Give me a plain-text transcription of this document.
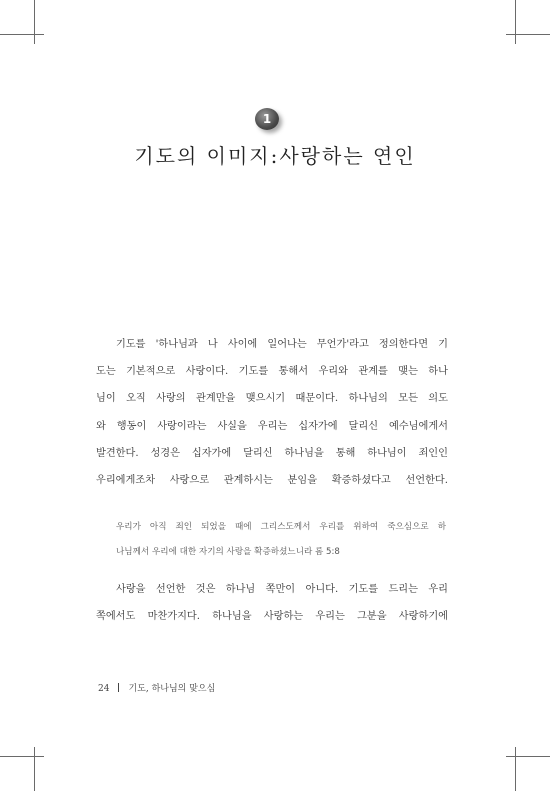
1
기도의 이미지:사랑하는 연인
기도를 '하나님과 나 사이에 일어나는 무언가'라고 정의한다면 기
도는 기본적으로 사랑이다. 기도를 통해서 우리와 관계를 맺는 하나
님이 오직 사랑의 관계만을 맺으시기 때문이다. 하나님의 모든 의도
와 행동이 사랑이라는 사실을 우리는 십자가에 달리신 예수님에게서
발견한다. 성경은 십자가에 달리신 하나님을 통해 하나님이 죄인인
우리에게조차 사랑으로 관계하시는 분임을 확증하셨다고 선언한다.
우리가 아직 죄인 되었을 때에 그리스도께서 우리를 위하여 죽으심으로 하
나님께서 우리에 대한 자기의 사랑을 확증하셨느니라 롬 5:8
사랑을 선언한 것은 하나님 쪽만이 아니다. 기도를 드리는 우리
쪽에서도 마찬가지다. 하나님을 사랑하는 우리는 그분을 사랑하기에
24 기도, 하나님의 맞으심
